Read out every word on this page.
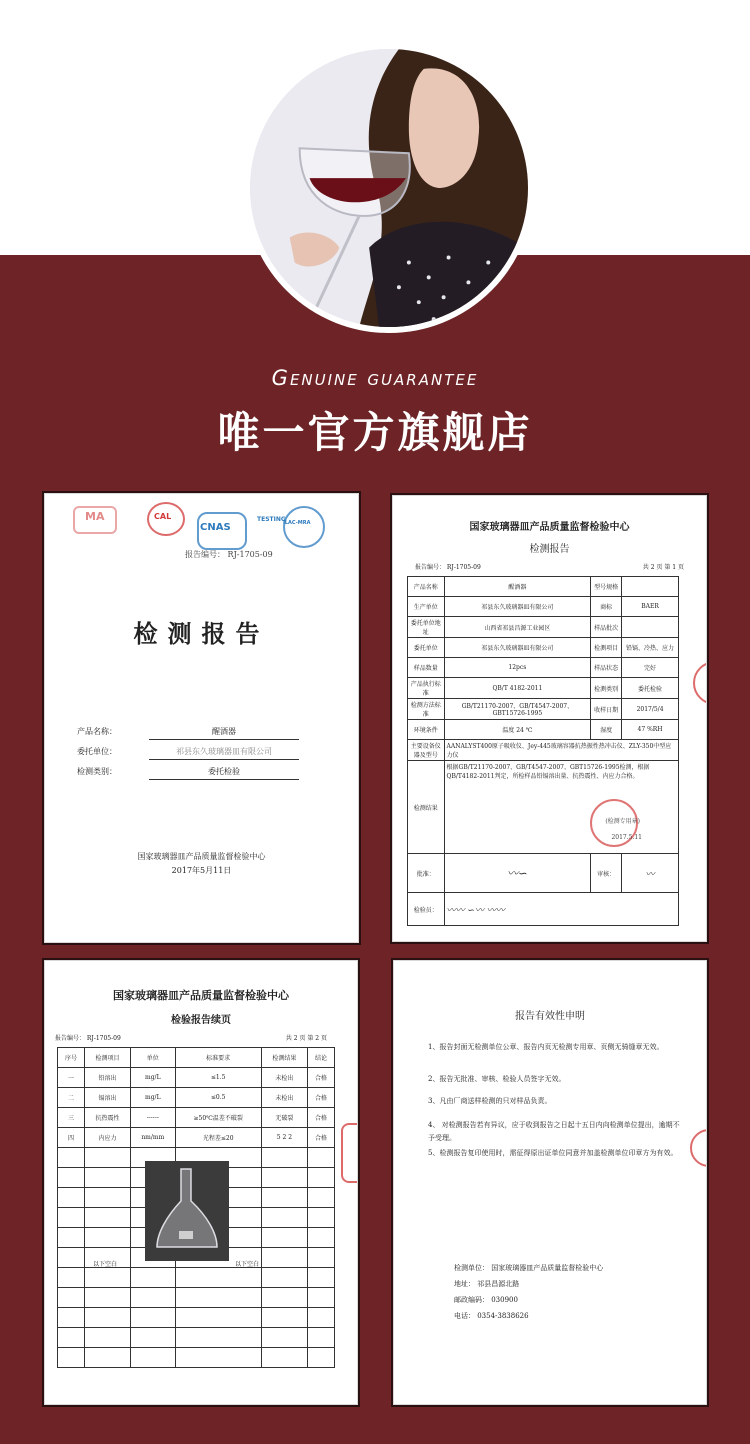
Genuine guarantee
唯一官方旗舰店
MA	CAL
CNAS
TESTING
ILAC-MRA
报告编号： RJ-1705-09
检测报告
产品名称：	醒酒器
委托单位：	祁县东久玻璃器皿有限公司
检测类别：	委托检验
国家玻璃器皿产品质量监督检验中心
2017年5月11日
国家玻璃器皿产品质量监督检验中心
检测报告
报告编号： RJ-1705-09	共 2 页 第 1 页
产品名称	醒酒器	型号规格	
生产单位	祁县东久玻璃器皿有限公司	商标	BAER
委托单位地址	山西省祁县昌源工业园区	样品批次	
委托单位	祁县东久玻璃器皿有限公司	检测项目	铅镉、冷热、应力
样品数量	12pcs	样品状态	完好
产品执行标准	QB/T 4182-2011	检测类别	委托检验
检测方法标准	GB/T21170-2007、GB/T4547-2007、GBT15726-1995	收样日期	2017/5/4
环境条件	温度 24 ℃	湿度	47 %RH
主要设备仪器及型号	AANALYST400原子吸收仪、Jey-445玻璃容器抗热振性热冲击仪、ZLY-350中型应力仪		
检测结果	根据GB/T21170-2007、GB/T4547-2007、GBT15726-1995检测，根据QB/T4182-2011判定，所检样品铅镉溶出量、抗热震性、内应力合格。
(检测专用章)
2017.5.11		

批准：	〰∽	审核：	〰
检验员：	〰〰 ∽〰 〰〰		
国家玻璃器皿产品质量监督检验中心
检验报告续页
报告编号： RJ-1705-09	共 2 页 第 2 页
序号	检测项目	单位	标准要求	检测结果	结论
一	铅溶出	mg/L	≤1.5	未检出	合格
二	镉溶出	mg/L	≤0.5	未检出	合格
三	抗热震性	------	≥50℃温差不破裂	无破裂	合格
四	内应力	nm/mm	光程差≤20	5 2 2	合格

以下空白	以下空白
报告有效性申明
1、报告封面无检测单位公章、报告内页无检测专用章、页侧无骑缝章无效。
2、报告无批准、审核、检验人员签字无效。
3、凡由厂商送样检测的只对样品负责。
4、 对检测报告若有异议，应于收到报告之日起十五日内向检测单位提出，逾期不予受理。
5、检测报告复印使用时，需征得原出证单位同意并加盖检测单位印章方为有效。
检测单位： 国家玻璃器皿产品质量监督检验中心
地址： 祁县昌源北路
邮政编码： 030900
电话： 0354-3838626
